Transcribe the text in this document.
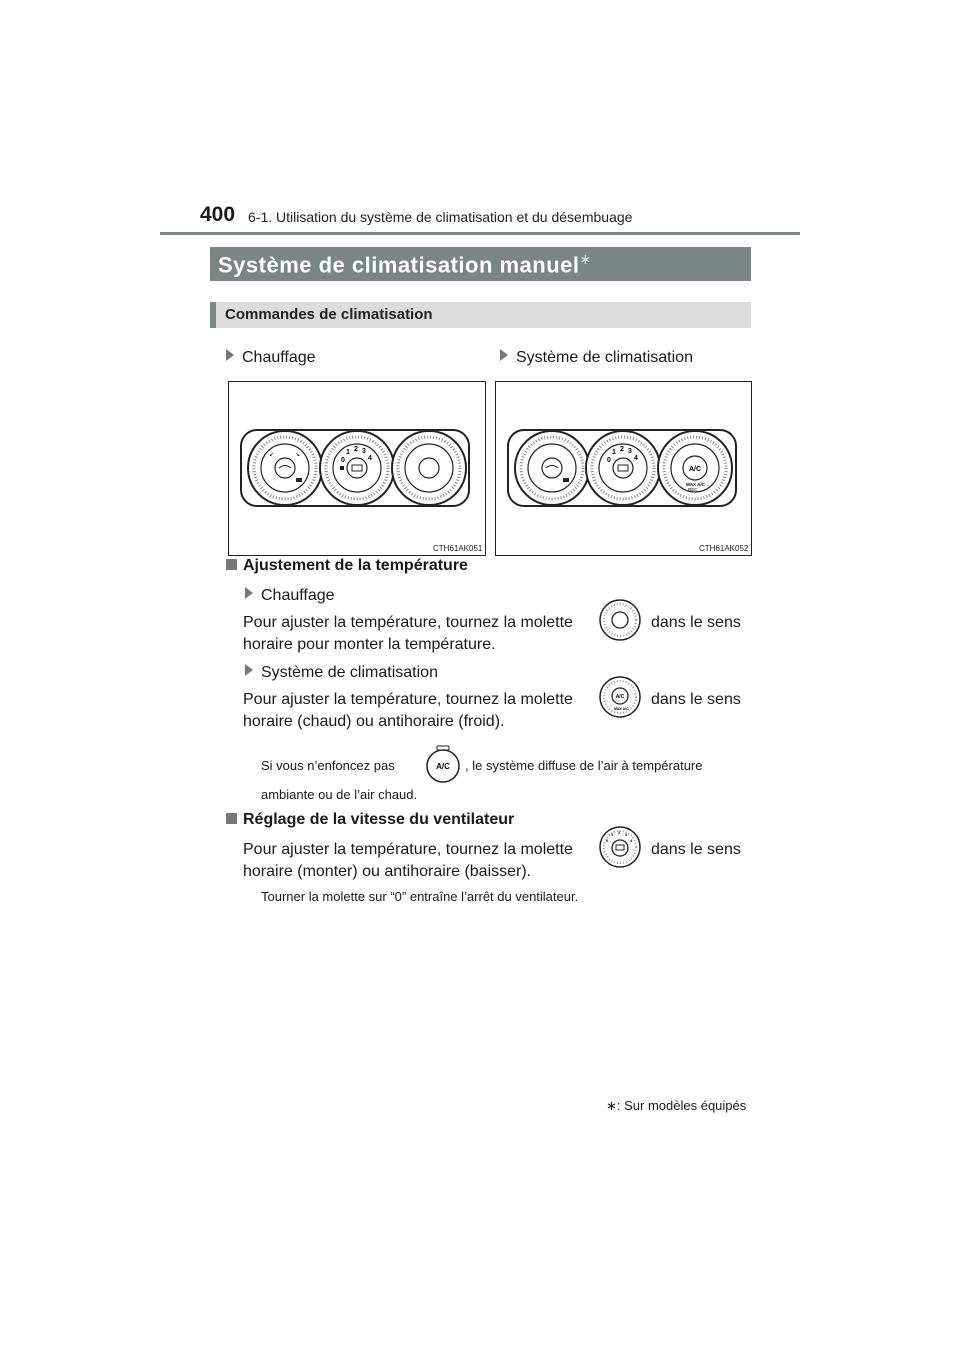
400 6-1. Utilisation du système de climatisation et du désembuage
Système de climatisation manuel∗
Commandes de climatisation
Chauffage	Système de climatisation
↙	↘
0
1 2 3
4
CTH61AK051
0
1 2 3
4
A/C
MAX A/C
REC
CTH61AK052
Ajustement de la température
Chauffage
Pour ajuster la température, tournez la molette	dans le sens
horaire pour monter la température.
Système de climatisation
Pour ajuster la température, tournez la molette	A/C
MAX A/C
dans le sens
horaire (chaud) ou antihoraire (froid).
Si vous n’enfoncez pas	A/C , le système diffuse de l’air à température
ambiante ou de l’air chaud.
Réglage de la vitesse du ventilateur
Pour ajuster la température, tournez la molette
0
1 2 3
4
dans le sens
horaire (monter) ou antihoraire (baisser).
Tourner la molette sur “0” entraîne l’arrêt du ventilateur.
∗: Sur modèles équipés
